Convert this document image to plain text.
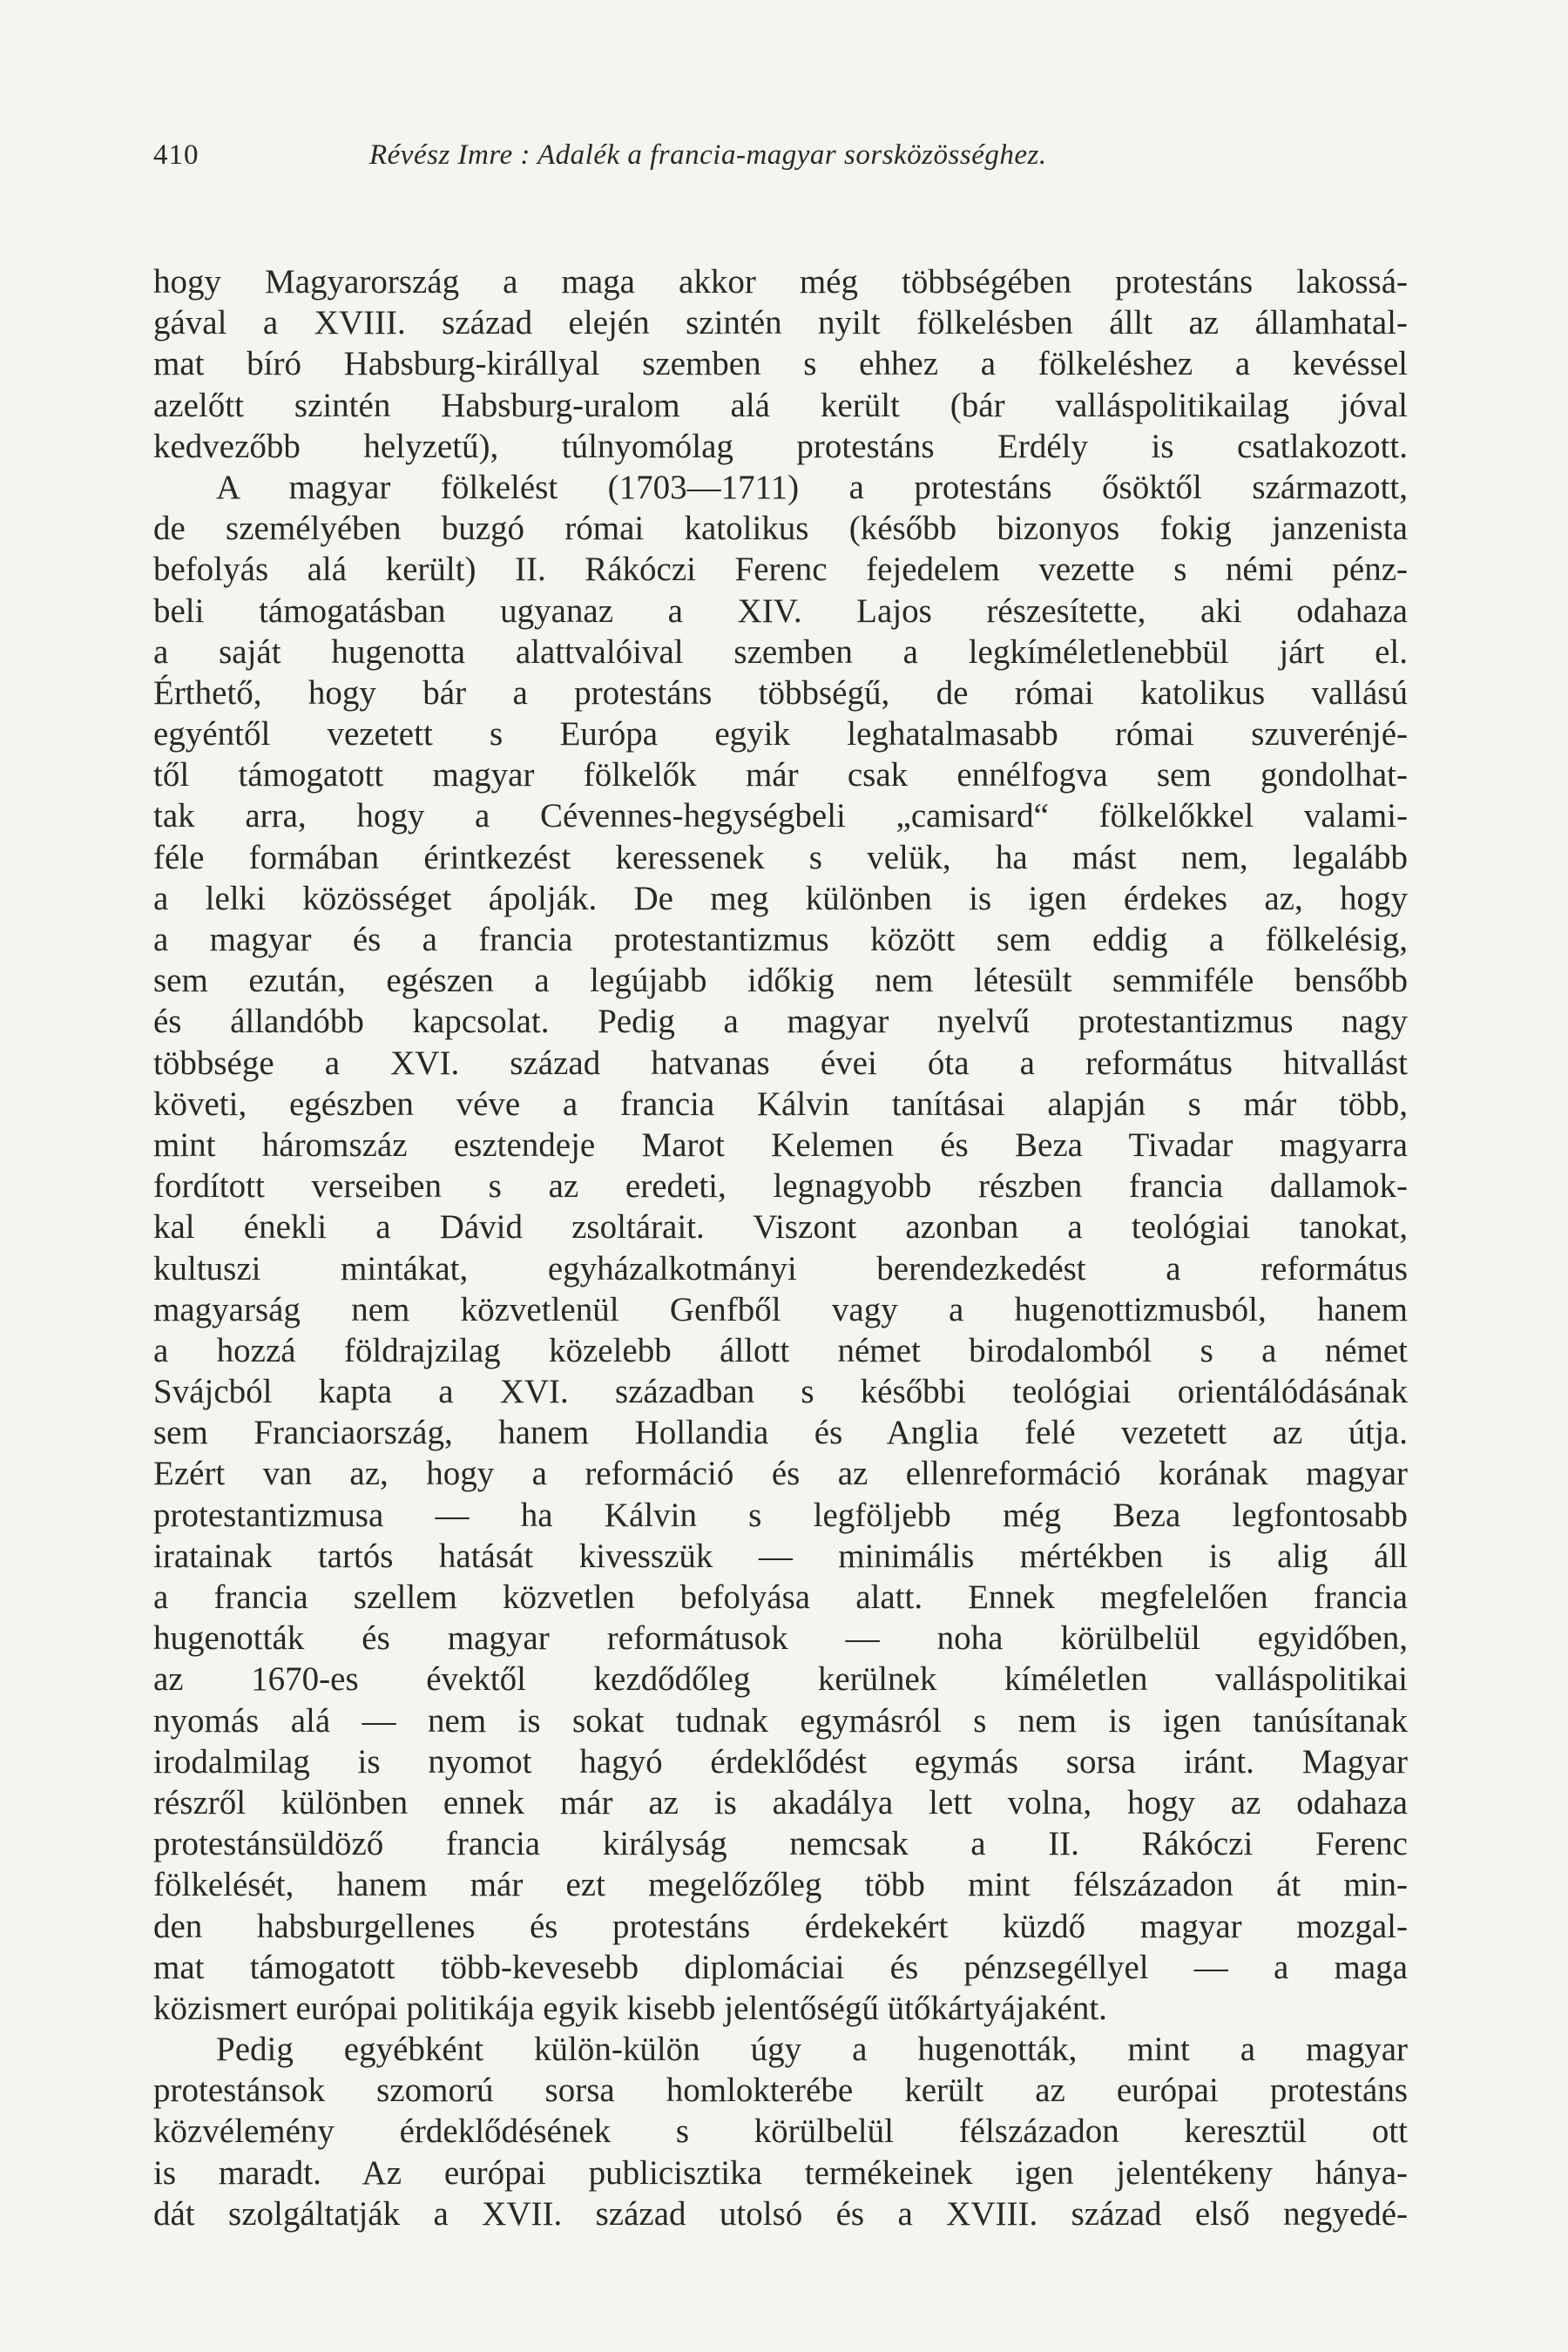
410	Révész Imre : Adalék a francia-magyar sorsközösséghez.
hogy Magyarország a maga akkor még többségében protestáns lakossá-
gával a XVIII. század elején szintén nyilt fölkelésben állt az államhatal-
mat bíró Habsburg-királlyal szemben s ehhez a fölkeléshez a kevéssel
azelőtt szintén Habsburg-uralom alá került (bár valláspolitikailag jóval
kedvezőbb helyzetű), túlnyomólag protestáns Erdély is csatlakozott.
A magyar fölkelést (1703—1711) a protestáns ősöktől származott,
de személyében buzgó római katolikus (később bizonyos fokig janzenista
befolyás alá került) II. Rákóczi Ferenc fejedelem vezette s némi pénz-
beli támogatásban ugyanaz a XIV. Lajos részesítette, aki odahaza
a saját hugenotta alattvalóival szemben a legkíméletlenebbül járt el.
Érthető, hogy bár a protestáns többségű, de római katolikus vallású
egyéntől vezetett s Európa egyik leghatalmasabb római szuverénjé-
től támogatott magyar fölkelők már csak ennélfogva sem gondolhat-
tak arra, hogy a Cévennes-hegységbeli „camisard“ fölkelőkkel valami-
féle formában érintkezést keressenek s velük, ha mást nem, legalább
a lelki közösséget ápolják. De meg különben is igen érdekes az, hogy
a magyar és a francia protestantizmus között sem eddig a fölkelésig,
sem ezután, egészen a legújabb időkig nem létesült semmiféle bensőbb
és állandóbb kapcsolat. Pedig a magyar nyelvű protestantizmus nagy
többsége a XVI. század hatvanas évei óta a református hitvallást
követi, egészben véve a francia Kálvin tanításai alapján s már több,
mint háromszáz esztendeje Marot Kelemen és Beza Tivadar magyarra
fordított verseiben s az eredeti, legnagyobb részben francia dallamok-
kal énekli a Dávid zsoltárait. Viszont azonban a teológiai tanokat,
kultuszi mintákat, egyházalkotmányi berendezkedést a református
magyarság nem közvetlenül Genfből vagy a hugenottizmusból, hanem
a hozzá földrajzilag közelebb állott német birodalomból s a német
Svájcból kapta a XVI. században s későbbi teológiai orientálódásának
sem Franciaország, hanem Hollandia és Anglia felé vezetett az útja.
Ezért van az, hogy a reformáció és az ellenreformáció korának magyar
protestantizmusa — ha Kálvin s legföljebb még Beza legfontosabb
iratainak tartós hatását kivesszük — minimális mértékben is alig áll
a francia szellem közvetlen befolyása alatt. Ennek megfelelően francia
hugenották és magyar reformátusok — noha körülbelül egyidőben,
az 1670-es évektől kezdődőleg kerülnek kíméletlen valláspolitikai
nyomás alá — nem is sokat tudnak egymásról s nem is igen tanúsítanak
irodalmilag is nyomot hagyó érdeklődést egymás sorsa iránt. Magyar
részről különben ennek már az is akadálya lett volna, hogy az odahaza
protestánsüldöző francia királyság nemcsak a II. Rákóczi Ferenc
fölkelését, hanem már ezt megelőzőleg több mint félszázadon át min-
den habsburgellenes és protestáns érdekekért küzdő magyar mozgal-
mat támogatott több-kevesebb diplomáciai és pénzsegéllyel — a maga
közismert európai politikája egyik kisebb jelentőségű ütőkártyájaként.
Pedig egyébként külön-külön úgy a hugenották, mint a magyar
protestánsok szomorú sorsa homlokterébe került az európai protestáns
közvélemény érdeklődésének s körülbelül félszázadon keresztül ott
is maradt. Az európai publicisztika termékeinek igen jelentékeny hánya-
dát szolgáltatják a XVII. század utolsó és a XVIII. század első negyedé-
